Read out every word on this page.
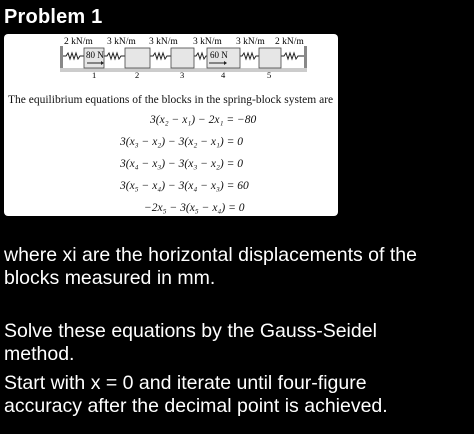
Problem 1
2 kN/m 3 kN/m 3 kN/m 3 kN/m 3 kN/m 2 kN/m
80 N	60 N
1	2	3	4	5
The equilibrium equations of the blocks in the spring-block system are
3(x₂ − x₁) − 2x₁ = −80
3(x₃ − x₂) − 3(x₂ − x₁) = 0
3(x₄ − x₃) − 3(x₃ − x₂) = 0
3(x₅ − x₄) − 3(x₄ − x₃) = 60
−2x₅ − 3(x₅ − x₄) = 0
where xi are the horizontal displacements of the
blocks measured in mm.
Solve these equations by the Gauss-Seidel
method.
Start with x = 0 and iterate until four-figure
accuracy after the decimal point is achieved.
